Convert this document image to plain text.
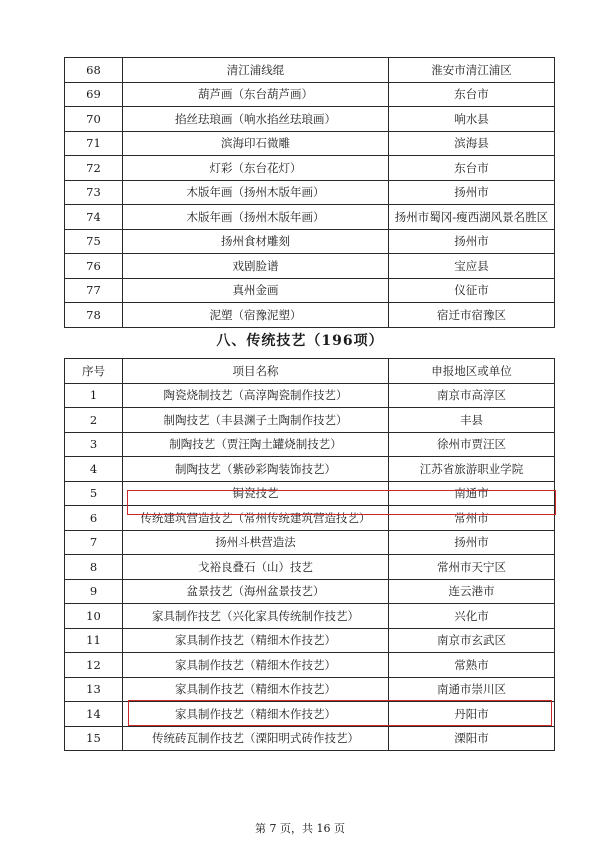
68	清江浦线绲	淮安市清江浦区
69	葫芦画（东台葫芦画）	东台市
70	掐丝珐琅画（响水掐丝珐琅画）	响水县
71	滨海印石微雕	滨海县
72	灯彩（东台花灯）	东台市
73	木版年画（扬州木版年画）	扬州市
74	木版年画（扬州木版年画）	扬州市蜀冈-瘦西湖风景名胜区
75	扬州食材雕刻	扬州市
76	戏剧脸谱	宝应县
77	真州金画	仪征市
78	泥塑（宿豫泥塑）	宿迁市宿豫区
八、传统技艺（196项）
序号	项目名称	申报地区或单位
1	陶瓷烧制技艺（高淳陶瓷制作技艺）	南京市高淳区
2	制陶技艺（丰县渊子土陶制作技艺）	丰县
3	制陶技艺（贾汪陶土罐烧制技艺）	徐州市贾汪区
4	制陶技艺（紫砂彩陶装饰技艺）	江苏省旅游职业学院
5	锔瓷技艺	南通市
6	传统建筑营造技艺（常州传统建筑营造技艺）	常州市
7	扬州斗栱营造法	扬州市
8	戈裕良叠石（山）技艺	常州市天宁区
9	盆景技艺（海州盆景技艺）	连云港市
10	家具制作技艺（兴化家具传统制作技艺）	兴化市
11	家具制作技艺（精细木作技艺）	南京市玄武区
12	家具制作技艺（精细木作技艺）	常熟市
13	家具制作技艺（精细木作技艺）	南通市崇川区
14	家具制作技艺（精细木作技艺）	丹阳市
15	传统砖瓦制作技艺（溧阳明式砖作技艺）	溧阳市
第 7 页，共 16 页
